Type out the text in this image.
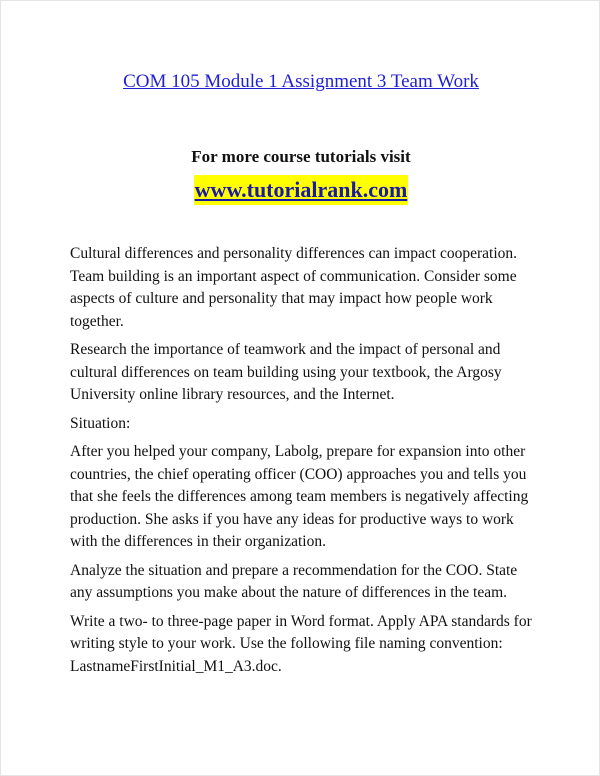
COM 105 Module 1 Assignment 3 Team Work
For more course tutorials visit
www.tutorialrank.com

Cultural differences and personality differences can impact cooperation. Team building is an important aspect of communication. Consider some aspects of culture and personality that may impact how people work together.

Research the importance of teamwork and the impact of personal and cultural differences on team building using your textbook, the Argosy University online library resources, and the Internet.

Situation:

After you helped your company, Labolg, prepare for expansion into other countries, the chief operating officer (COO) approaches you and tells you that she feels the differences among team members is negatively affecting production. She asks if you have any ideas for productive ways to work with the differences in their organization.

Analyze the situation and prepare a recommendation for the COO. State any assumptions you make about the nature of differences in the team.

Write a two- to three-page paper in Word format. Apply APA standards for writing style to your work. Use the following file naming convention: LastnameFirstInitial_M1_A3.doc.
